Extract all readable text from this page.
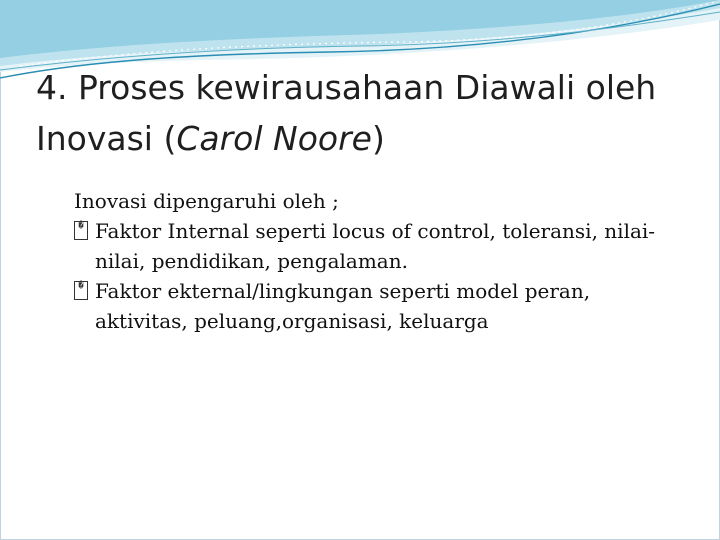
4. Proses kewirausahaan Diawali oleh Inovasi (Carol Noore)

Inovasi dipengaruhi oleh ;

� Faktor Internal seperti locus of control, toleransi, nilai-nilai, pendidikan, pengalaman.

� Faktor ekternal/lingkungan seperti model peran, aktivitas, peluang,organisasi, keluarga
